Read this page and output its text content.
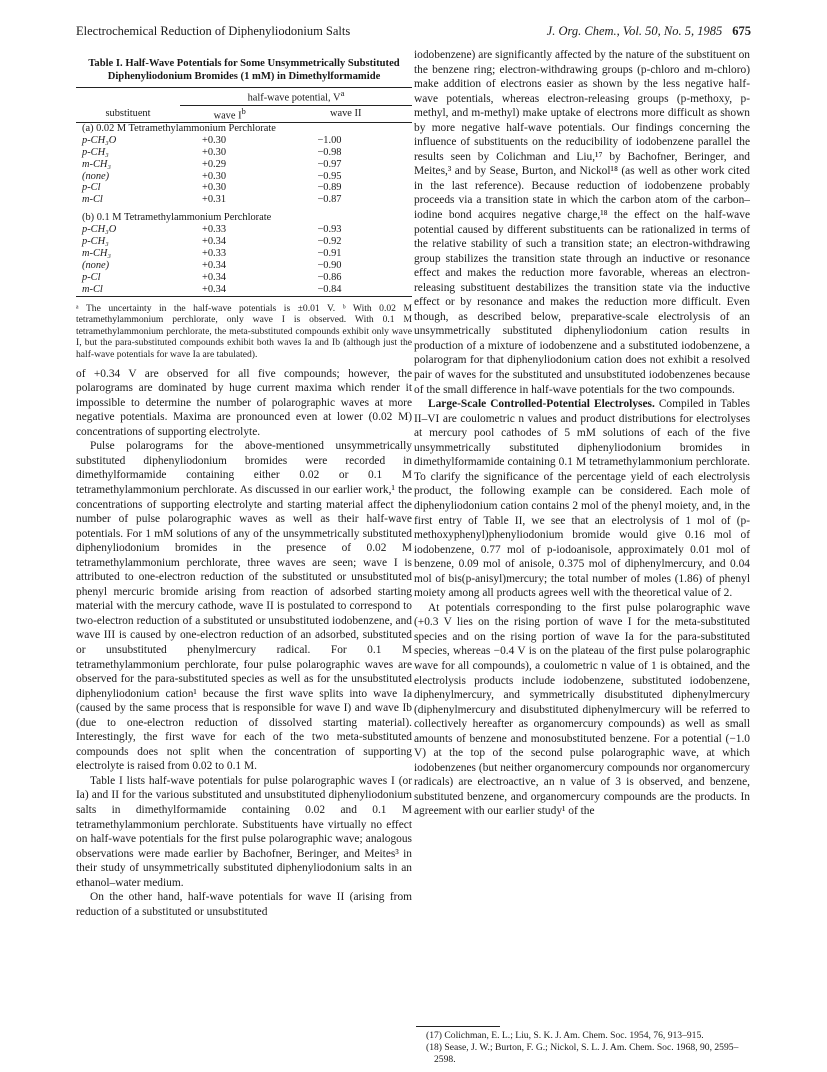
Electrochemical Reduction of Diphenyliodonium Salts	J. Org. Chem., Vol. 50, No. 5, 1985 675
Table I. Half-Wave Potentials for Some Unsymmetrically Substituted Diphenyliodonium Bromides (1 mM) in Dimethylformamide
	half-wave potential, $V^a$
substituent	wave $I^b$	wave II
(a) 0.02 M Tetramethylammonium Perchlorate		
p-CH₃O	+0.30	−1.00
p-CH₃	+0.30	−0.98
m-CH₃	+0.29	−0.97
(none)	+0.30	−0.95
p-Cl	+0.30	−0.89
m-Cl	+0.31	−0.87

(b) 0.1 M Tetramethylammonium Perchlorate		
p-CH₃O	+0.33	−0.93
p-CH₃	+0.34	−0.92
m-CH₃	+0.33	−0.91
(none)	+0.34	−0.90
p-Cl	+0.34	−0.86
m-Cl	+0.34	−0.84
ᵃ The uncertainty in the half-wave potentials is ±0.01 V. ᵇ With 0.02 M tetramethylammonium perchlorate, only wave I is observed. With 0.1 M tetramethylammonium perchlorate, the meta-substituted compounds exhibit only wave I, but the para-substituted compounds exhibit both waves Ia and Ib (although just the half-wave potentials for wave Ia are tabulated).

of +0.34 V are observed for all five compounds; however, the polarograms are dominated by huge current maxima which render it impossible to determine the number of polarographic waves at more negative potentials. Maxima are pronounced even at lower (0.02 M) concentrations of supporting electrolyte.

Pulse polarograms for the above-mentioned unsymmetrically substituted diphenyliodonium bromides were recorded in dimethylformamide containing either 0.02 or 0.1 M tetramethylammonium perchlorate. As discussed in our earlier work,¹ the concentrations of supporting electrolyte and starting material affect the number of pulse polarographic waves as well as their half-wave potentials. For 1 mM solutions of any of the unsymmetrically substituted diphenyliodonium bromides in the presence of 0.02 M tetramethylammonium perchlorate, three waves are seen; wave I is attributed to one-electron reduction of the substituted or unsubstituted phenyl mercuric bromide arising from reaction of adsorbed starting material with the mercury cathode, wave II is postulated to correspond to two-electron reduction of a substituted or unsubstituted iodobenzene, and wave III is caused by one-electron reduction of an adsorbed, substituted or unsubstituted phenylmercury radical. For 0.1 M tetramethylammonium perchlorate, four pulse polarographic waves are observed for the para-substituted species as well as for the unsubstituted diphenyliodonium cation¹ because the first wave splits into wave Ia (caused by the same process that is responsible for wave I) and wave Ib (due to one-electron reduction of dissolved starting material). Interestingly, the first wave for each of the two meta-substituted compounds does not split when the concentration of supporting electrolyte is raised from 0.02 to 0.1 M.

Table I lists half-wave potentials for pulse polarographic waves I (or Ia) and II for the various substituted and unsubstituted diphenyliodonium salts in dimethylformamide containing 0.02 and 0.1 M tetramethylammonium perchlorate. Substituents have virtually no effect on half-wave potentials for the first pulse polarographic wave; analogous observations were made earlier by Bachofner, Beringer, and Meites³ in their study of unsymmetrically substituted diphenyliodonium salts in an ethanol–water medium.

On the other hand, half-wave potentials for wave II (arising from reduction of a substituted or unsubstituted

iodobenzene) are significantly affected by the nature of the substituent on the benzene ring; electron-withdrawing groups (p-chloro and m-chloro) make addition of electrons easier as shown by the less negative half-wave potentials, whereas electron-releasing groups (p-methoxy, p-methyl, and m-methyl) make uptake of electrons more difficult as shown by more negative half-wave potentials. Our findings concerning the influence of substituents on the reducibility of iodobenzene parallel the results seen by Colichman and Liu,¹⁷ by Bachofner, Beringer, and Meites,³ and by Sease, Burton, and Nickol¹⁸ (as well as other work cited in the last reference). Because reduction of iodobenzene probably proceeds via a transition state in which the carbon atom of the carbon–iodine bond acquires negative charge,¹⁸ the effect on the half-wave potential caused by different substituents can be rationalized in terms of the relative stability of such a transition state; an electron-withdrawing group stabilizes the transition state through an inductive or resonance effect and makes the reduction more favorable, whereas an electron-releasing substituent destabilizes the transition state via the inductive effect or by resonance and makes the reduction more difficult. Even though, as described below, preparative-scale electrolysis of an unsymmetrically substituted diphenyliodonium cation results in production of a mixture of iodobenzene and a substituted iodobenzene, a polarogram for that diphenyliodonium cation does not exhibit a resolved pair of waves for the substituted and unsubstituted iodobenzenes because of the small difference in half-wave potentials for the two compounds.

Large-Scale Controlled-Potential Electrolyses. Compiled in Tables II–VI are coulometric n values and product distributions for electrolyses at mercury pool cathodes of 5 mM solutions of each of the five unsymmetrically substituted diphenyliodonium bromides in dimethylformamide containing 0.1 M tetramethylammonium perchlorate. To clarify the significance of the percentage yield of each electrolysis product, the following example can be considered. Each mole of diphenyliodonium cation contains 2 mol of the phenyl moiety, and, in the first entry of Table II, we see that an electrolysis of 1 mol of (p-methoxyphenyl)phenyliodonium bromide would give 0.16 mol of iodobenzene, 0.77 mol of p-iodoanisole, approximately 0.01 mol of benzene, 0.09 mol of anisole, 0.375 mol of diphenylmercury, and 0.04 mol of bis(p-anisyl)mercury; the total number of moles (1.86) of phenyl moiety among all products agrees well with the theoretical value of 2.

At potentials corresponding to the first pulse polarographic wave (+0.3 V lies on the rising portion of wave I for the meta-substituted species and on the rising portion of wave Ia for the para-substituted species, whereas −0.4 V is on the plateau of the first pulse polarographic wave for all compounds), a coulometric n value of 1 is obtained, and the electrolysis products include iodobenzene, substituted iodobenzene, diphenylmercury, and symmetrically disubstituted diphenylmercury (diphenylmercury and disubstituted diphenylmercury will be referred to collectively hereafter as organomercury compounds) as well as small amounts of benzene and monosubstituted benzene. For a potential (−1.0 V) at the top of the second pulse polarographic wave, at which iodobenzenes (but neither organomercury compounds nor organomercury radicals) are electroactive, an n value of 3 is observed, and benzene, substituted benzene, and organomercury compounds are the products. In agreement with our earlier study¹ of the

(17) Colichman, E. L.; Liu, S. K. J. Am. Chem. Soc. 1954, 76, 913–915.
(18) Sease, J. W.; Burton, F. G.; Nickol, S. L. J. Am. Chem. Soc. 1968, 90, 2595–2598.
